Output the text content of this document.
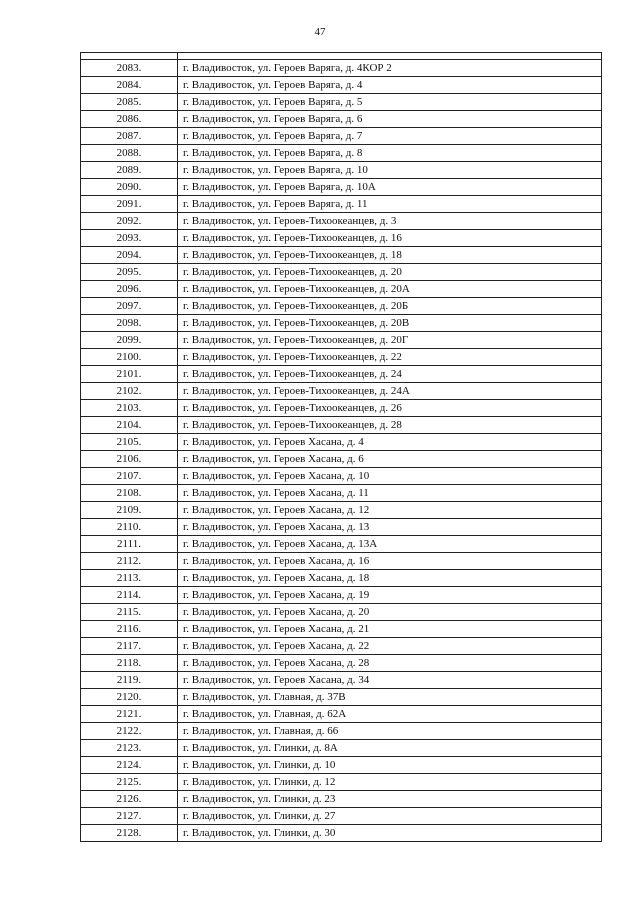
47

2083.	г. Владивосток, ул. Героев Варяга, д. 4КОР 2
2084.	г. Владивосток, ул. Героев Варяга, д. 4
2085.	г. Владивосток, ул. Героев Варяга, д. 5
2086.	г. Владивосток, ул. Героев Варяга, д. 6
2087.	г. Владивосток, ул. Героев Варяга, д. 7
2088.	г. Владивосток, ул. Героев Варяга, д. 8
2089.	г. Владивосток, ул. Героев Варяга, д. 10
2090.	г. Владивосток, ул. Героев Варяга, д. 10А
2091.	г. Владивосток, ул. Героев Варяга, д. 11
2092.	г. Владивосток, ул. Героев-Тихоокеанцев, д. 3
2093.	г. Владивосток, ул. Героев-Тихоокеанцев, д. 16
2094.	г. Владивосток, ул. Героев-Тихоокеанцев, д. 18
2095.	г. Владивосток, ул. Героев-Тихоокеанцев, д. 20
2096.	г. Владивосток, ул. Героев-Тихоокеанцев, д. 20А
2097.	г. Владивосток, ул. Героев-Тихоокеанцев, д. 20Б
2098.	г. Владивосток, ул. Героев-Тихоокеанцев, д. 20В
2099.	г. Владивосток, ул. Героев-Тихоокеанцев, д. 20Г
2100.	г. Владивосток, ул. Героев-Тихоокеанцев, д. 22
2101.	г. Владивосток, ул. Героев-Тихоокеанцев, д. 24
2102.	г. Владивосток, ул. Героев-Тихоокеанцев, д. 24А
2103.	г. Владивосток, ул. Героев-Тихоокеанцев, д. 26
2104.	г. Владивосток, ул. Героев-Тихоокеанцев, д. 28
2105.	г. Владивосток, ул. Героев Хасана, д. 4
2106.	г. Владивосток, ул. Героев Хасана, д. 6
2107.	г. Владивосток, ул. Героев Хасана, д. 10
2108.	г. Владивосток, ул. Героев Хасана, д. 11
2109.	г. Владивосток, ул. Героев Хасана, д. 12
2110.	г. Владивосток, ул. Героев Хасана, д. 13
2111.	г. Владивосток, ул. Героев Хасана, д. 13А
2112.	г. Владивосток, ул. Героев Хасана, д. 16
2113.	г. Владивосток, ул. Героев Хасана, д. 18
2114.	г. Владивосток, ул. Героев Хасана, д. 19
2115.	г. Владивосток, ул. Героев Хасана, д. 20
2116.	г. Владивосток, ул. Героев Хасана, д. 21
2117.	г. Владивосток, ул. Героев Хасана, д. 22
2118.	г. Владивосток, ул. Героев Хасана, д. 28
2119.	г. Владивосток, ул. Героев Хасана, д. 34
2120.	г. Владивосток, ул. Главная, д. 37В
2121.	г. Владивосток, ул. Главная, д. 62А
2122.	г. Владивосток, ул. Главная, д. 66
2123.	г. Владивосток, ул. Глинки, д. 8А
2124.	г. Владивосток, ул. Глинки, д. 10
2125.	г. Владивосток, ул. Глинки, д. 12
2126.	г. Владивосток, ул. Глинки, д. 23
2127.	г. Владивосток, ул. Глинки, д. 27
2128.	г. Владивосток, ул. Глинки, д. 30
